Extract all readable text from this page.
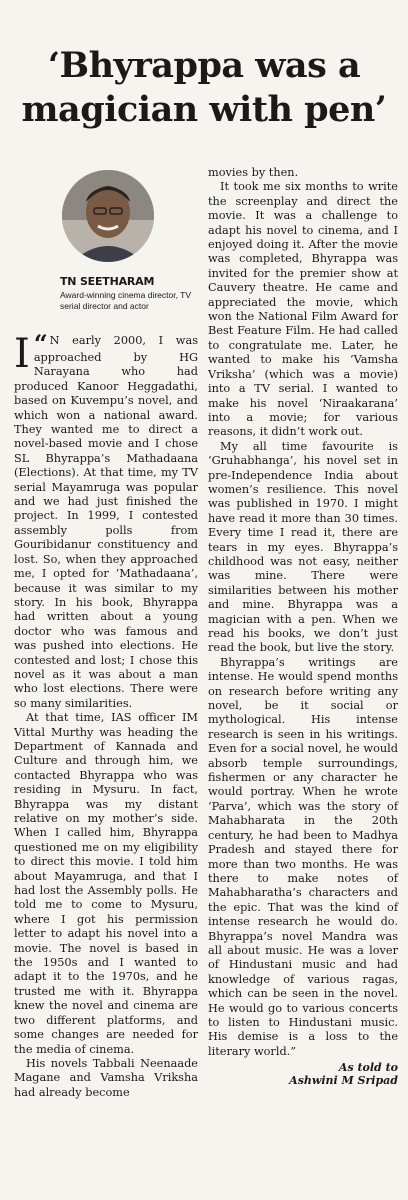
‘Bhyrappa was a magician with pen’
TN SEETHARAM
Award-winning cinema director, TV serial director and actor

“
I	N early 2000, I was approached by HG Narayana who had produced Kanoor Heggadathi, based on Kuvempu’s novel, and which won a national award. They wanted me to direct a novel-based movie and I chose SL Bhyrappa’s Mathadaana (Elections). At that time, my TV serial Mayamruga was popular and we had just finished the project. In 1999, I contested assembly polls from Gouribidanur constituency and lost. So, when they approached me, I opted for ‘Mathadaana’, because it was similar to my story. In his book, Bhyrappa had written about a young doctor who was famous and was pushed into elections. He contested and lost; I chose this novel as it was about a man who lost elections. There were so many similarities.

At that time, IAS officer IM Vittal Murthy was heading the Department of Kannada and Culture and through him, we contacted Bhyrappa who was residing in Mysuru. In fact, Bhyrappa was my distant relative on my mother’s side. When I called him, Bhyrappa questioned me on my eligibility to direct this movie. I told him about Mayamruga, and that I had lost the Assembly polls. He told me to come to Mysuru, where I got his permission letter to adapt his novel into a movie. The novel is based in the 1950s and I wanted to adapt it to the 1970s, and he trusted me with it. Bhyrappa knew the novel and cinema are two different platforms, and some changes are needed for the media of cinema.

His novels Tabbali Neenaade Magane and Vamsha Vriksha had already become

movies by then.

It took me six months to write the screenplay and direct the movie. It was a challenge to adapt his novel to cinema, and I enjoyed doing it. After the movie was completed, Bhyrappa was invited for the premier show at Cauvery theatre. He came and appreciated the movie, which won the National Film Award for Best Feature Film. He had called to congratulate me. Later, he wanted to make his ‘Vamsha Vriksha’ (which was a movie) into a TV serial. I wanted to make his novel ‘Niraakarana’ into a movie; for various reasons, it didn’t work out.

My all time favourite is ‘Gruhabhanga’, his novel set in pre-Independence India about women’s resilience. This novel was published in 1970. I might have read it more than 30 times. Every time I read it, there are tears in my eyes. Bhyrappa’s childhood was not easy, neither was mine. There were similarities between his mother and mine. Bhyrappa was a magician with a pen. When we read his books, we don’t just read the book, but live the story.

Bhyrappa’s writings are intense. He would spend months on research before writing any novel, be it social or mythological. His intense research is seen in his writings. Even for a social novel, he would absorb temple surroundings, fishermen or any character he would portray. When he wrote ‘Parva’, which was the story of Mahabharata in the 20th century, he had been to Madhya Pradesh and stayed there for more than two months. He was there to make notes of Mahabharatha’s characters and the epic. That was the kind of intense research he would do. Bhyrappa’s novel Mandra was all about music. He was a lover of Hindustani music and had knowledge of various ragas, which can be seen in the novel. He would go to various concerts to listen to Hindustani music. His demise is a loss to the literary world.”

As told to
Ashwini M Sripad
